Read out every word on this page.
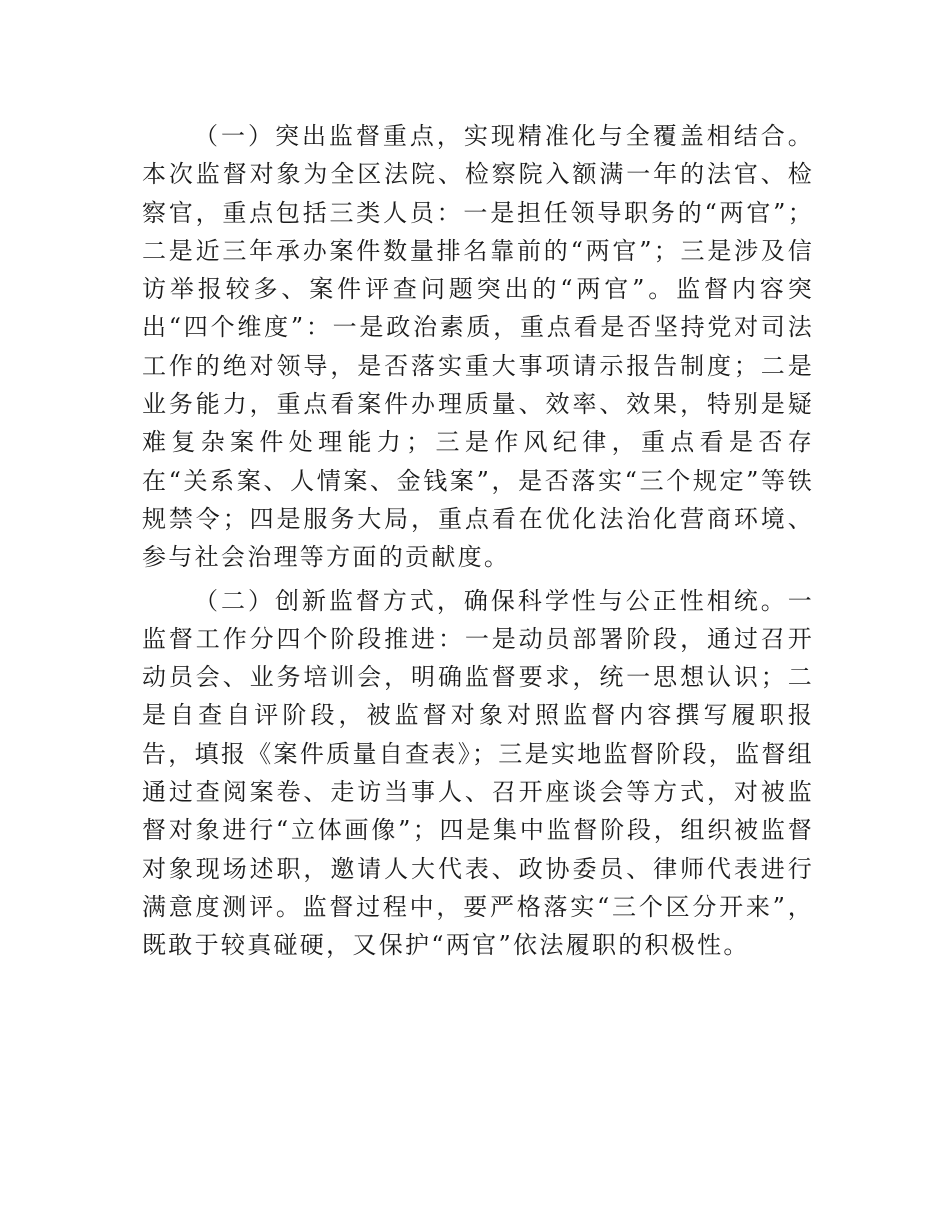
（一）突出监督重点，实现精准化与全覆盖相结合。本次监督对象为全区法院、检察院入额满一年的法官、检察官，重点包括三类人员：一是担任领导职务的“两官”；二是近三年承办案件数量排名靠前的“两官”；三是涉及信访举报较多、案件评查问题突出的“两官”。监督内容突出“四个维度”：一是政治素质，重点看是否坚持党对司法工作的绝对领导，是否落实重大事项请示报告制度；二是业务能力，重点看案件办理质量、效率、效果，特别是疑难复杂案件处理能力；三是作风纪律，重点看是否存在“关系案、人情案、金钱案”，是否落实“三个规定”等铁规禁令；四是服务大局，重点看在优化法治化营商环境、参与社会治理等方面的贡献度。

（二）创新监督方式，确保科学性与公正性相统。一监督工作分四个阶段推进：一是动员部署阶段，通过召开动员会、业务培训会，明确监督要求，统一思想认识；二是自查自评阶段，被监督对象对照监督内容撰写履职报告，填报《案件质量自查表》；三是实地监督阶段，监督组通过查阅案卷、走访当事人、召开座谈会等方式，对被监督对象进行“立体画像”；四是集中监督阶段，组织被监督对象现场述职，邀请人大代表、政协委员、律师代表进行满意度测评。监督过程中，要严格落实“三个区分开来”，既敢于较真碰硬，又保护“两官”依法履职的积极性。
